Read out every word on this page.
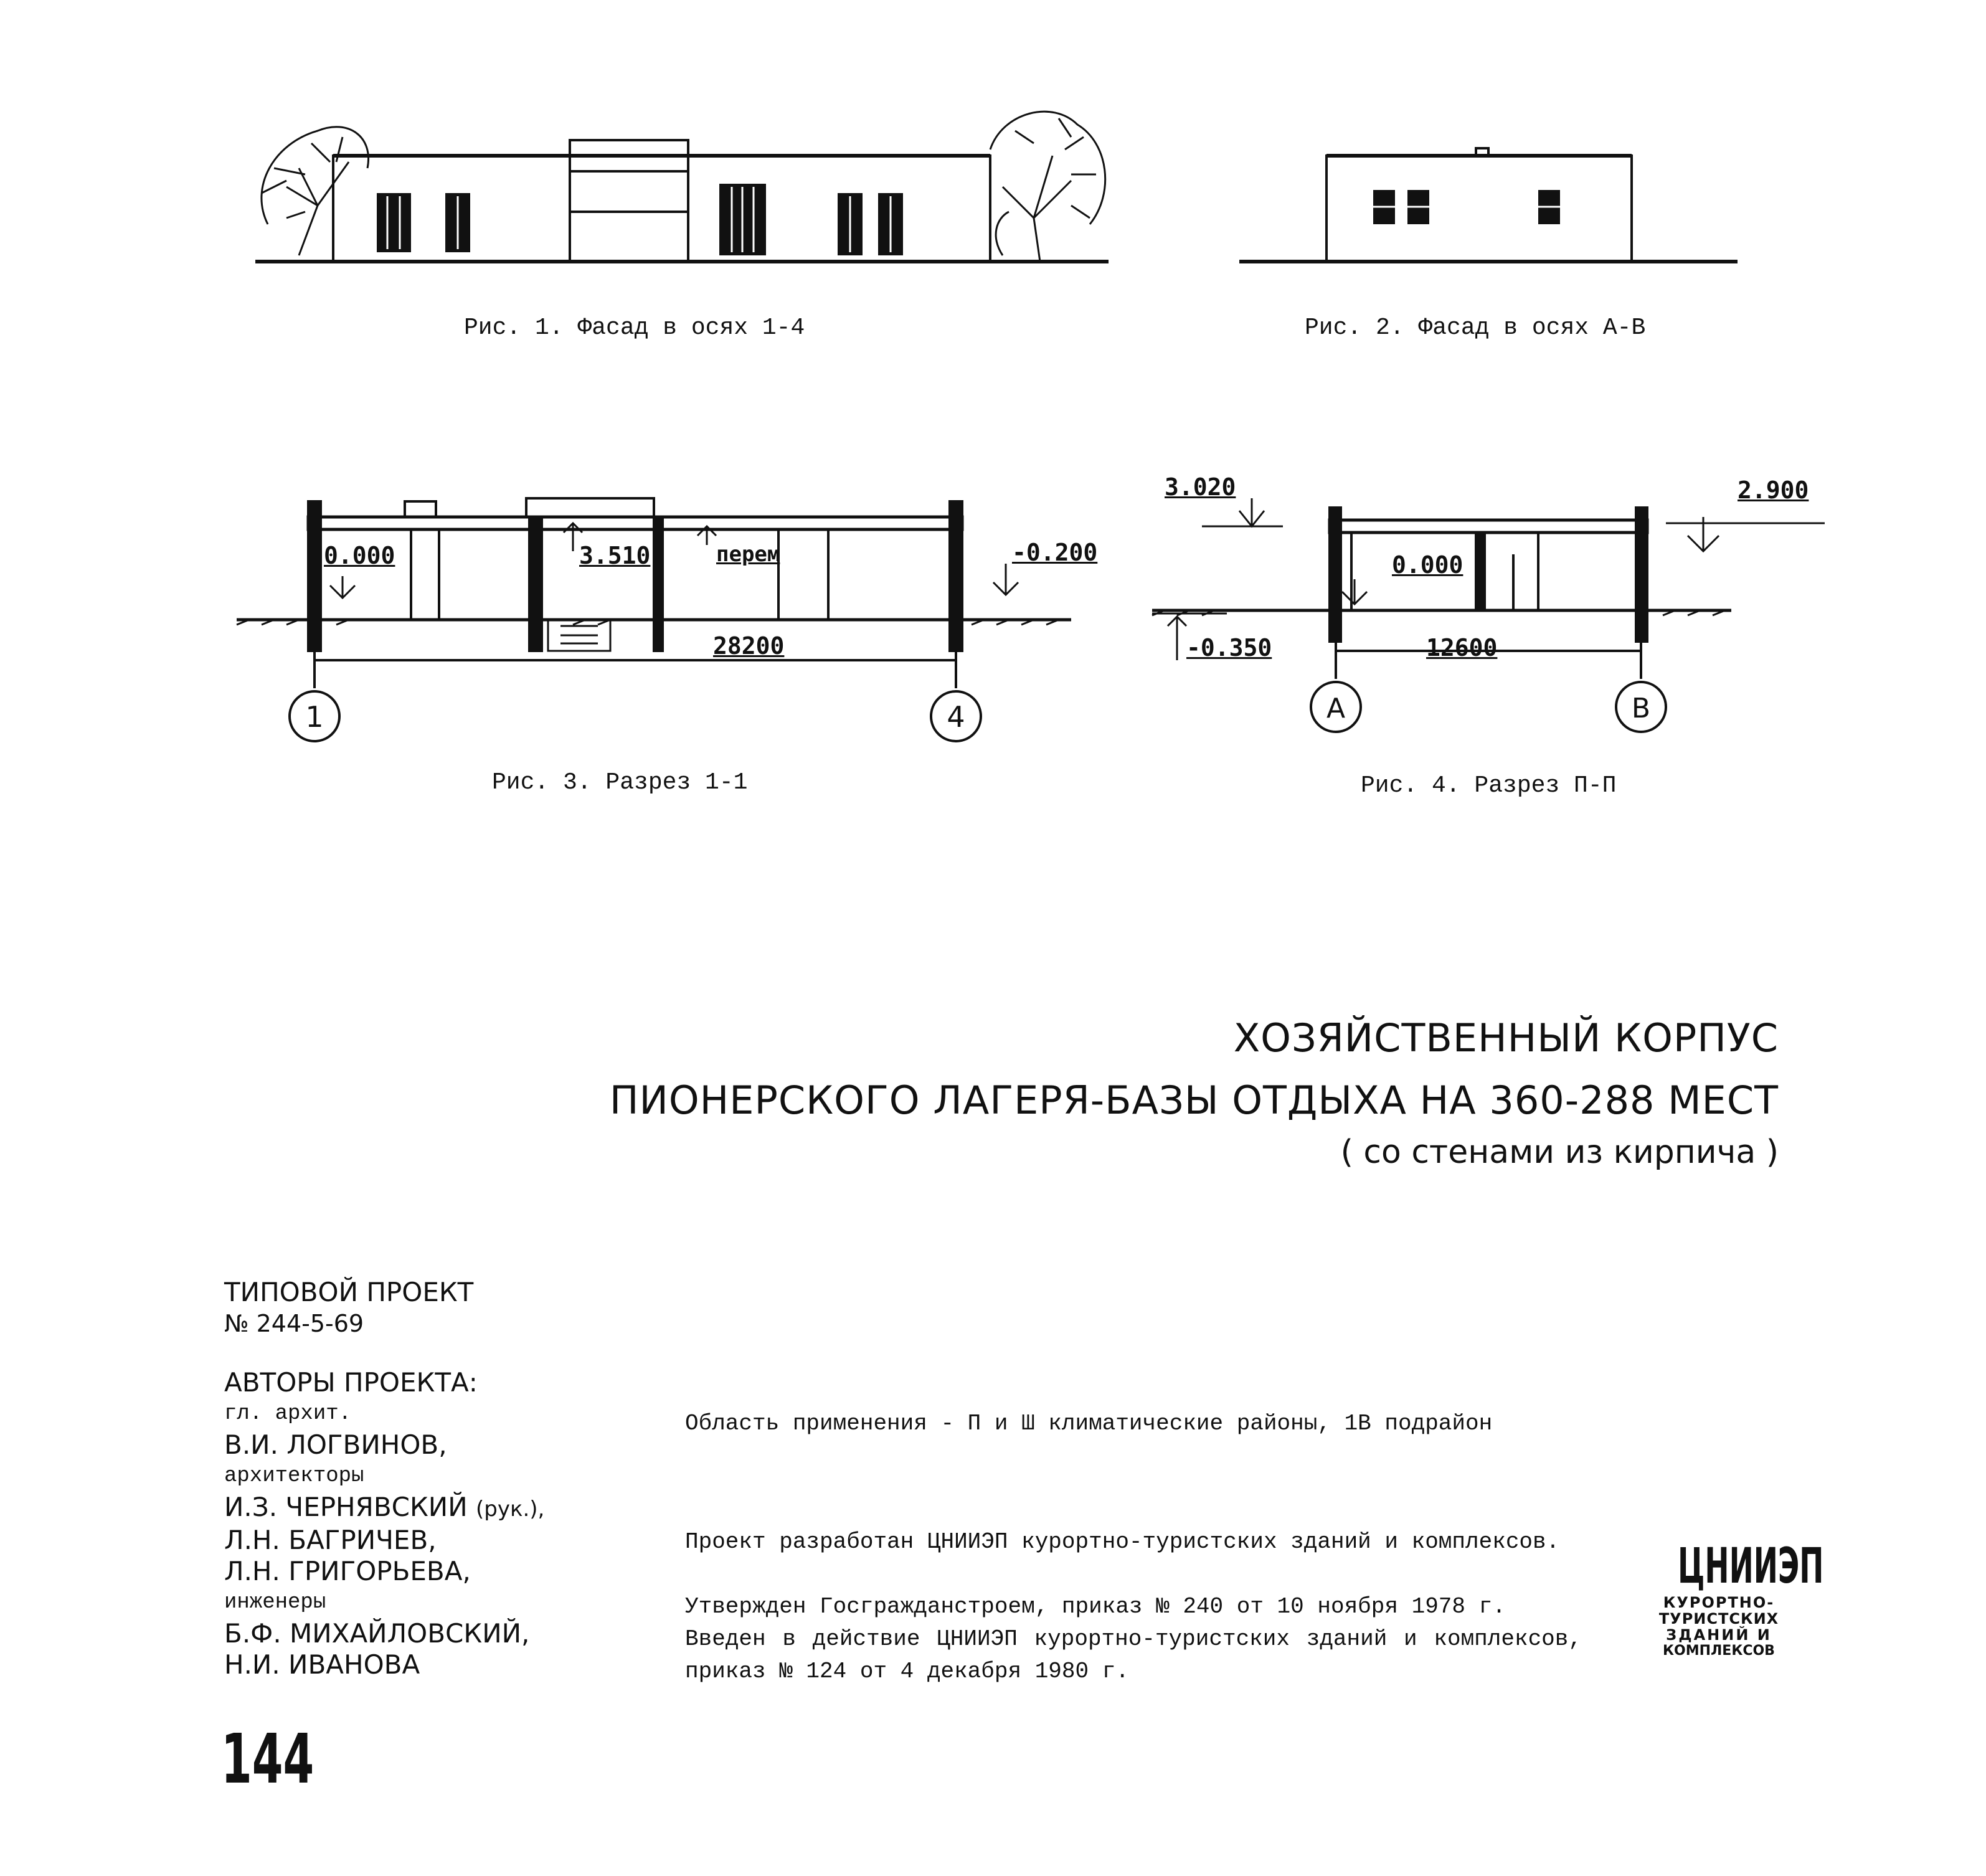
Рис. 1. Фасад в осях 1-4	Рис. 2. Фасад в осях А-В
1	4
0.000	3.510	перем	-0.200
28200
Рис. 3. Разрез 1-1
А	В
3.020	2.900
0.000
-0.350	12600
Рис. 4. Разрез П-П
ХОЗЯЙСТВЕННЫЙ КОРПУС
ПИОНЕРСКОГО ЛАГЕРЯ-БАЗЫ ОТДЫХА НА 360-288 МЕСТ
( со стенами из кирпича )
ТИПОВОЙ ПРОЕКТ
№ 244-5-69
АВТОРЫ ПРОЕКТА:
гл. архит.
В.И. ЛОГВИНОВ,
архитекторы
И.З. ЧЕРНЯВСКИЙ (рук.),
Л.Н. БАГРИЧЕВ,
Л.Н. ГРИГОРЬЕВА,
инженеры
Б.Ф. МИХАЙЛОВСКИЙ,
Н.И. ИВАНОВА
Область применения - П и Ш климатические районы, 1В подрайон
Проект разработан ЦНИИЭП курортно-туристских зданий и комплексов.
Утвержден Госгражданстроем, приказ № 240 от 10 ноября 1978 г.
Введен в действие ЦНИИЭП курортно-туристских зданий и комплексов, приказ № 124 от 4 декабря 1980 г.
ЦНИИЭП
КУРОРТНО-
ТУРИСТСКИХ
ЗДАНИЙ И
КОМПЛЕКСОВ
144
